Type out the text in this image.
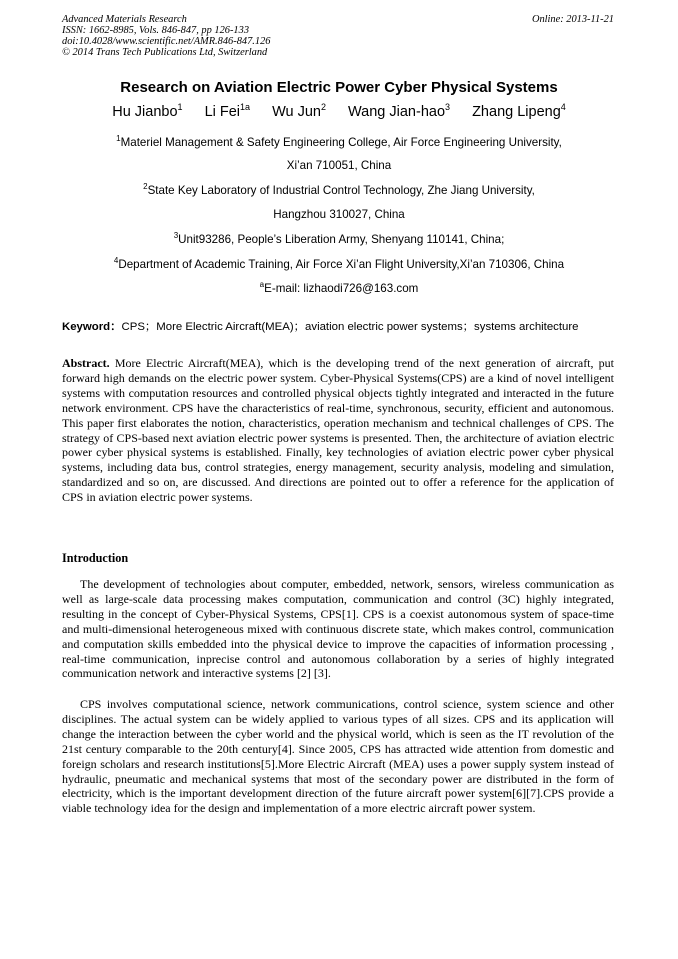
Advanced Materials Research
ISSN: 1662-8985, Vols. 846-847, pp 126-133
doi:10.4028/www.scientific.net/AMR.846-847.126
© 2014 Trans Tech Publications Ltd, Switzerland
Online: 2013-11-21
Research on Aviation Electric Power Cyber Physical Systems
Hu Jianbo$^1$ Li Fei$^{1a}$ Wu Jun$^2$ Wang Jian-hao$^3$ Zhang Lipeng$^4$
$^1$Materiel Management & Safety Engineering College, Air Force Engineering University,
Xi’an 710051, China
$^2$State Key Laboratory of Industrial Control Technology, Zhe Jiang University,
Hangzhou 310027, China
$^3$Unit93286, People’s Liberation Army, Shenyang 110141, China;
$^4$Department of Academic Training, Air Force Xi’an Flight University,Xi’an 710306, China
$^a$E-mail: lizhaodi726@163.com
Keyword：CPS；More Electric Aircraft(MEA)；aviation electric power systems；systems architecture
Abstract. More Electric Aircraft(MEA), which is the developing trend of the next generation of aircraft, put forward high demands on the electric power system. Cyber-Physical Systems(CPS) are a kind of novel intelligent systems with computation resources and controlled physical objects tightly integrated and interacted in the future network environment. CPS have the characteristics of real-time, synchronous, security, efficient and autonomous. This paper first elaborates the notion, characteristics, operation mechanism and technical challenges of CPS. The strategy of CPS-based next aviation electric power systems is presented. Then, the architecture of aviation electric power cyber physical systems is established. Finally, key technologies of aviation electric power cyber physical systems, including data bus, control strategies, energy management, security analysis, modeling and simulation, standardized and so on, are discussed. And directions are pointed out to offer a reference for the application of CPS in aviation electric power systems.
Introduction
The development of technologies about computer, embedded, network, sensors, wireless communication as well as large-scale data processing makes computation, communication and control (3C) highly integrated, resulting in the concept of Cyber-Physical Systems, CPS[1]. CPS is a coexist autonomous system of space-time and multi-dimensional heterogeneous mixed with continuous discrete state, which makes control, communication and computation skills embedded into the physical device to improve the capacities of information processing , real-time communication, inprecise control and autonomous collaboration by a series of highly integrated communication network and interactive systems [2] [3].
CPS involves computational science, network communications, control science, system science and other disciplines. The actual system can be widely applied to various types of all sizes. CPS and its application will change the interaction between the cyber world and the physical world, which is seen as the IT revolution of the 21st century comparable to the 20th century[4]. Since 2005, CPS has attracted wide attention from domestic and foreign scholars and research institutions[5].More Electric Aircraft (MEA) uses a power supply system instead of hydraulic, pneumatic and mechanical systems that most of the secondary power are distributed in the form of electricity, which is the important development direction of the future aircraft power system[6][7].CPS provide a viable technology idea for the design and implementation of a more electric aircraft power system.
